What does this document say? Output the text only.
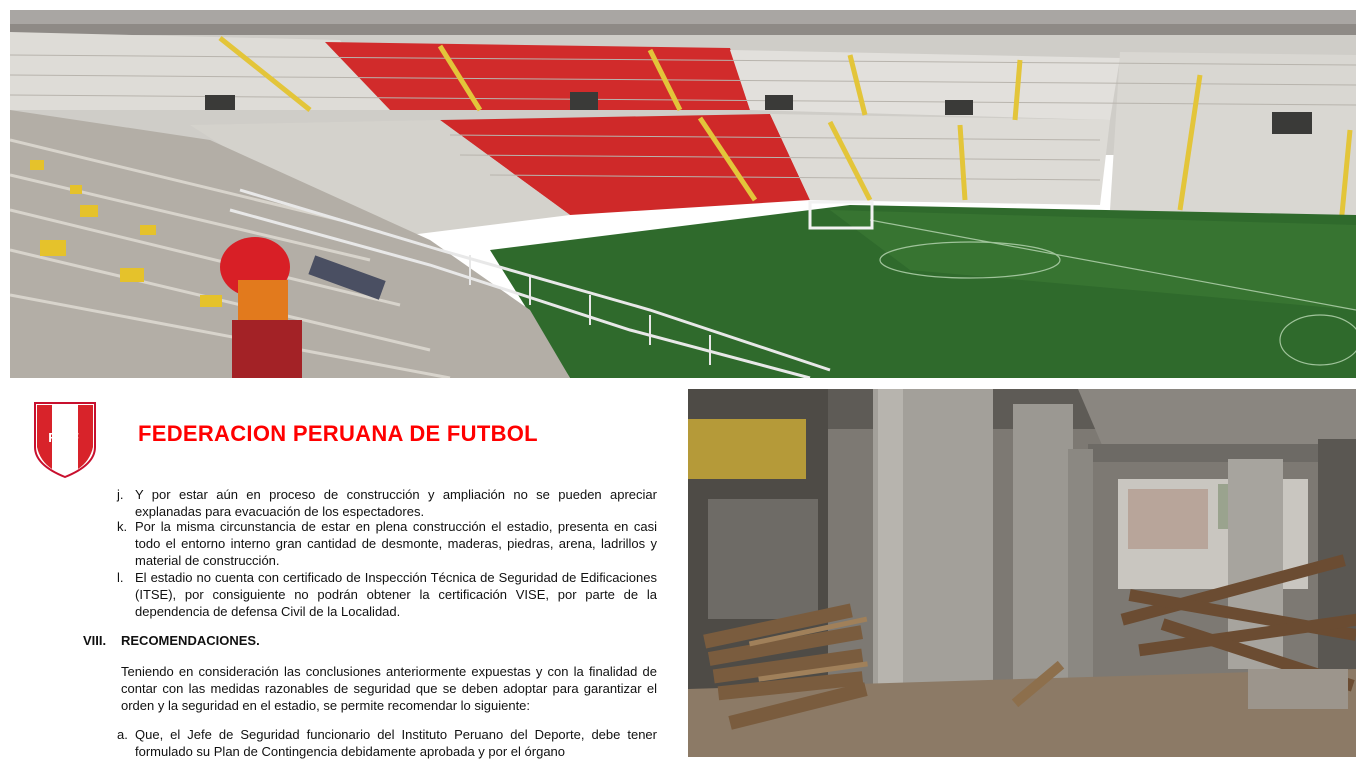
FPF	FEDERACION PERUANA DE FUTBOL
j. Y por estar aún en proceso de construcción y ampliación no se pueden apreciar explanadas para evacuación de los espectadores.
k. Por la misma circunstancia de estar en plena construcción el estadio, presenta en casi todo el entorno interno gran cantidad de desmonte, maderas, piedras, arena, ladrillos y material de construcción.
l. El estadio no cuenta con certificado de Inspección Técnica de Seguridad de Edificaciones (ITSE), por consiguiente no podrán obtener la certificación VISE, por parte de la dependencia de defensa Civil de la Localidad.
VIII. RECOMENDACIONES.
Teniendo en consideración las conclusiones anteriormente expuestas y con la finalidad de contar con las medidas razonables de seguridad que se deben adoptar para garantizar el orden y la seguridad en el estadio, se permite recomendar lo siguiente:
a. Que, el Jefe de Seguridad funcionario del Instituto Peruano del Deporte, debe tener formulado su Plan de Contingencia debidamente aprobada y por el órgano
